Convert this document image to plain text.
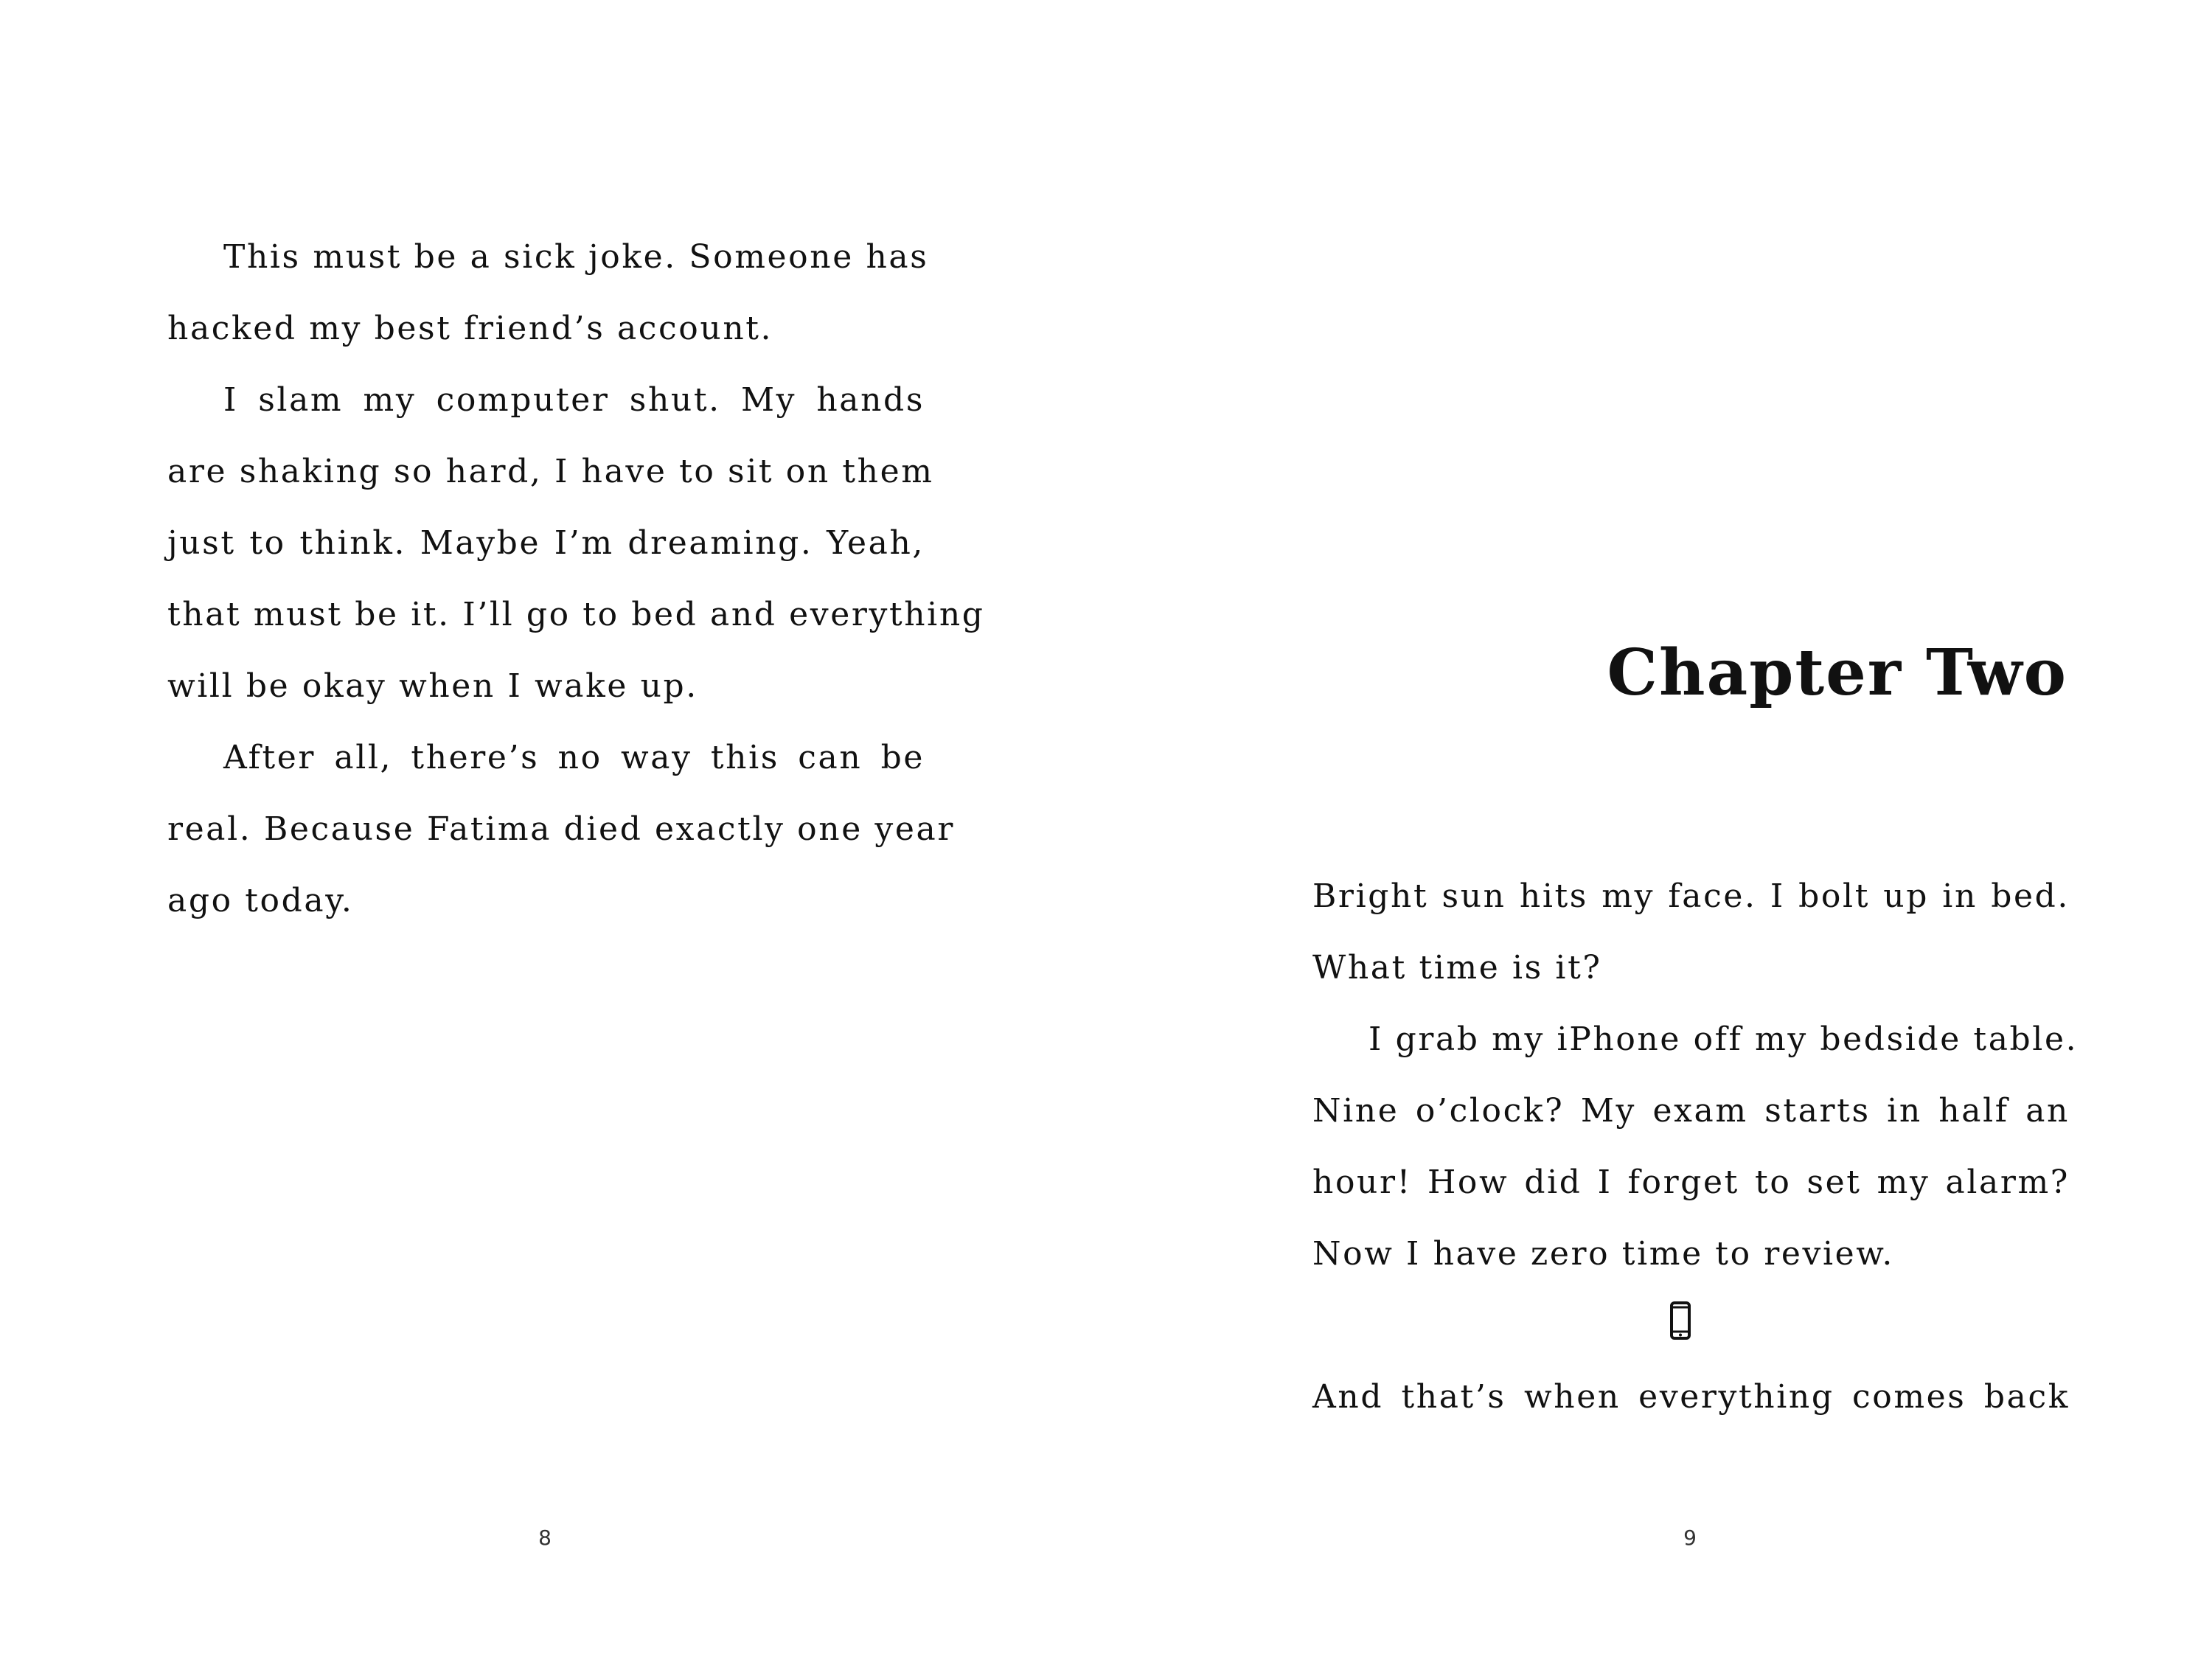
This must be a sick joke. Someone has
hacked my best friend’s account.
I slam my computer shut. My hands
are shaking so hard, I have to sit on them
just to think. Maybe I’m dreaming. Yeah,
that must be it. I’ll go to bed and everything
will be okay when I wake up.
After all, there’s no way this can be
real. Because Fatima died exactly one year
ago today.
8
Chapter Two
Bright sun hits my face. I bolt up in bed.
What time is it?
I grab my iPhone off my bedside table.
Nine o’clock? My exam starts in half an
hour! How did I forget to set my alarm?
Now I have zero time to review.
And that’s when everything comes back
9
